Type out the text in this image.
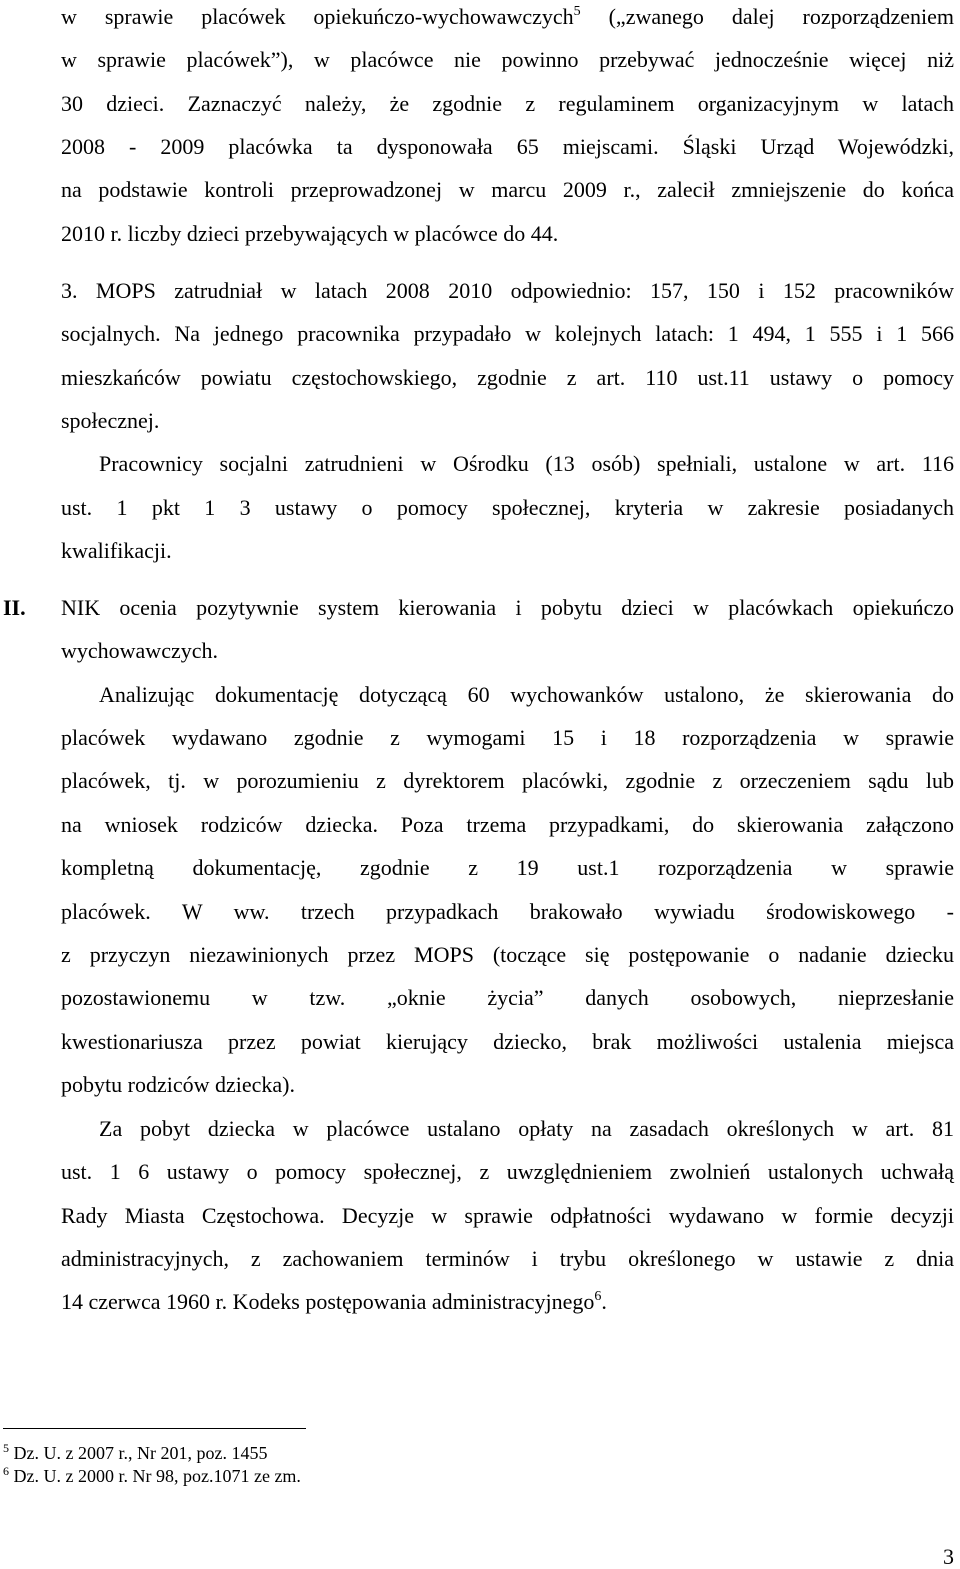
w sprawie placówek opiekuńczo-wychowawczych$^5$ („zwanego dalej rozporządzeniem
w sprawie placówek”), w placówce nie powinno przebywać jednocześnie więcej niż
30 dzieci. Zaznaczyć należy, że zgodnie z regulaminem organizacyjnym w latach
2008 - 2009 placówka ta dysponowała 65 miejscami. Śląski Urząd Wojewódzki,
na podstawie kontroli przeprowadzonej w marcu 2009 r., zalecił zmniejszenie do końca
2010 r. liczby dzieci przebywających w placówce do 44.
3. MOPS zatrudniał w latach 2008 2010 odpowiednio: 157, 150 i 152 pracowników
socjalnych. Na jednego pracownika przypadało w kolejnych latach: 1 494, 1 555 i 1 566
mieszkańców powiatu częstochowskiego, zgodnie z art. 110 ust.11 ustawy o pomocy
społecznej.
Pracownicy socjalni zatrudnieni w Ośrodku (13 osób) spełniali, ustalone w art. 116
ust. 1 pkt 1 3 ustawy o pomocy społecznej, kryteria w zakresie posiadanych
kwalifikacji.
II. NIK ocenia pozytywnie system kierowania i pobytu dzieci w placówkach opiekuńczo
wychowawczych.
Analizując dokumentację dotyczącą 60 wychowanków ustalono, że skierowania do
placówek wydawano zgodnie z wymogami 15 i 18 rozporządzenia w sprawie
placówek, tj. w porozumieniu z dyrektorem placówki, zgodnie z orzeczeniem sądu lub
na wniosek rodziców dziecka. Poza trzema przypadkami, do skierowania załączono
kompletną dokumentację, zgodnie z 19 ust.1 rozporządzenia w sprawie
placówek. W ww. trzech przypadkach brakowało wywiadu środowiskowego -
z przyczyn niezawinionych przez MOPS (toczące się postępowanie o nadanie dziecku
pozostawionemu w tzw. „oknie życia” danych osobowych, nieprzesłanie
kwestionariusza przez powiat kierujący dziecko, brak możliwości ustalenia miejsca
pobytu rodziców dziecka).
Za pobyt dziecka w placówce ustalano opłaty na zasadach określonych w art. 81
ust. 1 6 ustawy o pomocy społecznej, z uwzględnieniem zwolnień ustalonych uchwałą
Rady Miasta Częstochowa. Decyzje w sprawie odpłatności wydawano w formie decyzji
administracyjnych, z zachowaniem terminów i trybu określonego w ustawie z dnia
14 czerwca 1960 r. Kodeks postępowania administracyjnego$^6$.
$^5$ Dz. U. z 2007 r., Nr 201, poz. 1455
$^6$ Dz. U. z 2000 r. Nr 98, poz.1071 ze zm.
3
